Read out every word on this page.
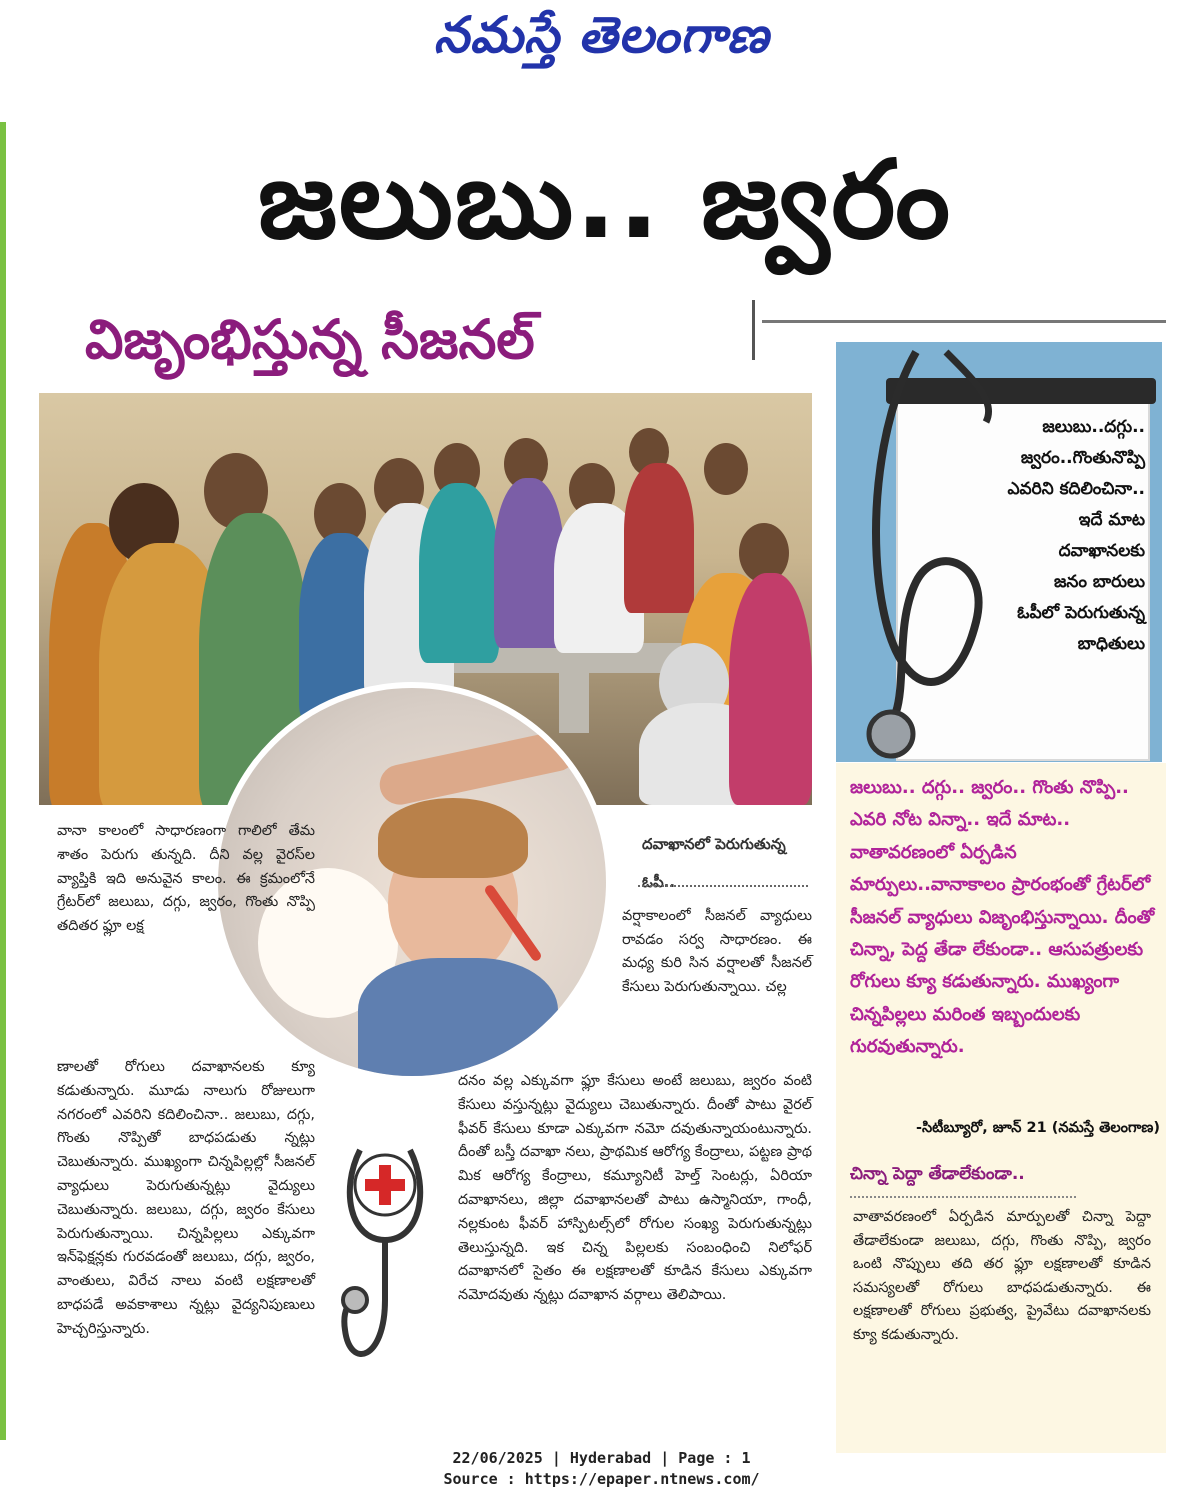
నమస్తే తెలంగాణ
జలుబు.. జ్వరం
విజృంభిస్తున్న సీజనల్
జలుబు..దగ్గు..
జ్వరం..గొంతునొప్పి
ఎవరిని కదిలించినా..
ఇదే మాట
దవాఖానలకు
జనం బారులు
ఓపీలో పెరుగుతున్న
బాధితులు
జలుబు.. దగ్గు.. జ్వరం.. గొంతు నొప్పి.. ఎవరి నోట విన్నా.. ఇదే మాట.. వాతావరణంలో ఏర్పడిన మార్పులు..వానాకాలం ప్రారంభంతో గ్రేటర్‌లో సీజనల్ వ్యాధులు విజృంభిస్తున్నాయి. దీంతో చిన్నా, పెద్ద తేడా లేకుండా.. ఆసుపత్రులకు రోగులు క్యూ కడుతున్నారు. ముఖ్యంగా చిన్నపిల్లలు మరింత ఇబ్బందులకు గురవుతున్నారు.
-సిటీబ్యూరో, జూన్ 21 (నమస్తే తెలంగాణ)
చిన్నా పెద్దా తేడాలేకుండా..
వాతావరణంలో ఏర్పడిన మార్పులతో చిన్నా పెద్దా తేడాలేకుండా జలుబు, దగ్గు, గొంతు నొప్పి, జ్వరం ఒంటి నొప్పులు తది తర ఫ్లూ లక్షణాలతో కూడిన సమస్యలతో రోగులు బాధపడుతున్నారు. ఈ లక్షణాలతో రోగులు ప్రభుత్వ, ప్రైవేటు దవాఖానలకు క్యూ కడుతున్నారు.
వానా కాలంలో సాధారణంగా గాలిలో తేమ శాతం పెరుగు తున్నది. దీని వల్ల వైరస్‌ల వ్యాప్తికి ఇది అనువైన కాలం. ఈ క్రమంలోనే గ్రేటర్‌లో జలుబు, దగ్గు, జ్వరం, గొంతు నొప్పి తదితర ఫ్లూ లక్ష
ణాలతో రోగులు దవాఖానలకు క్యూ కడుతున్నారు. మూడు నాలుగు రోజులుగా నగరంలో ఎవరిని కదిలించినా.. జలుబు, దగ్గు, గొంతు నొప్పితో బాధపడుతు న్నట్లు చెబుతున్నారు. ముఖ్యంగా చిన్నపిల్లల్లో సీజనల్ వ్యాధులు పెరుగుతున్నట్లు వైద్యులు చెబుతున్నారు. జలుబు, దగ్గు, జ్వరం కేసులు పెరుగుతున్నాయి. చిన్నపిల్లలు ఎక్కువగా ఇన్‌ఫెక్షన్లకు గురవడంతో జలుబు, దగ్గు, జ్వరం, వాంతులు, విరేచ నాలు వంటి లక్షణాలతో బాధపడే అవకాశాలు న్నట్లు వైద్యనిపుణులు హెచ్చరిస్తున్నారు.
దవాఖానలో పెరుగుతున్న ఓపీ..
వర్షాకాలంలో సీజనల్ వ్యాధులు రావడం సర్వ సాధారణం. ఈ మధ్య కురి సిన వర్షాలతో సీజనల్ కేసులు పెరుగుతున్నాయి. చల్ల
దనం వల్ల ఎక్కువగా ఫ్లూ కేసులు అంటే జలుబు, జ్వరం వంటి కేసులు వస్తున్నట్లు వైద్యులు చెబుతున్నారు. దీంతో పాటు వైరల్ ఫీవర్ కేసులు కూడా ఎక్కువగా నమో దవుతున్నాయంటున్నారు. దీంతో బస్తీ దవాఖా నలు, ప్రాథమిక ఆరోగ్య కేంద్రాలు, పట్టణ ప్రాథ మిక ఆరోగ్య కేంద్రాలు, కమ్యూనిటీ హెల్త్ సెంటర్లు, ఏరియా దవాఖానలు, జిల్లా దవాఖానలతో పాటు ఉస్మానియా, గాంధీ, నల్లకుంట ఫీవర్ హాస్పిటల్స్‌లో రోగుల సంఖ్య పెరుగుతున్నట్లు తెలుస్తున్నది. ఇక చిన్న పిల్లలకు సంబంధించి నిలోఫర్ దవాఖానలో సైతం ఈ లక్షణాలతో కూడిన కేసులు ఎక్కువగా నమోదవుతు న్నట్లు దవాఖాన వర్గాలు తెలిపాయి.
22/06/2025 | Hyderabad | Page : 1
Source : https://epaper.ntnews.com/
